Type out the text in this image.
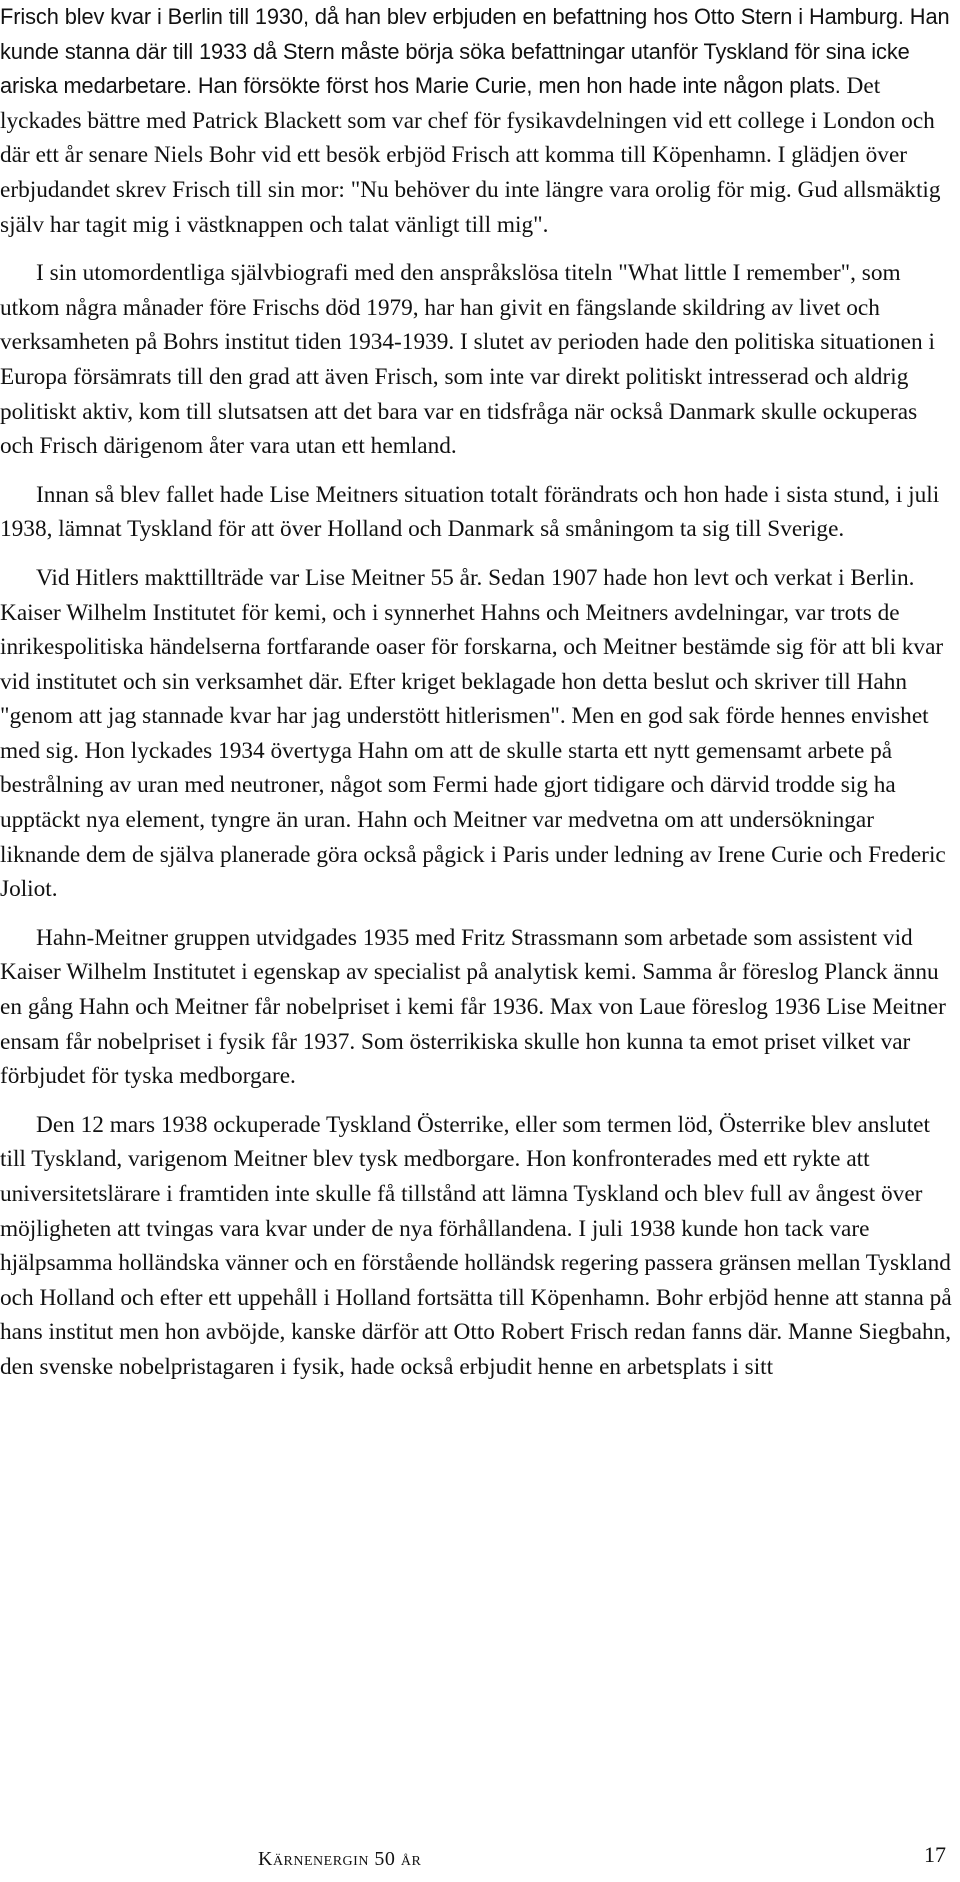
Frisch blev kvar i Berlin till 1930, då han blev erbjuden en befattning hos Otto Stern i Hamburg. Han kunde stanna där till 1933 då Stern måste börja söka befattningar utanför Tyskland för sina icke ariska medarbetare. Han försökte först hos Marie Curie, men hon hade inte någon plats. Det lyckades bättre med Patrick Blackett som var chef för fysikavdelningen vid ett college i London och där ett år senare Niels Bohr vid ett besök erbjöd Frisch att komma till Köpenhamn. I glädjen över erbjudandet skrev Frisch till sin mor: "Nu behöver du inte längre vara orolig för mig. Gud allsmäktig själv har tagit mig i västknappen och talat vänligt till mig".

I sin utomordentliga självbiografi med den anspråkslösa titeln "What little I remember", som utkom några månader före Frischs död 1979, har han givit en fängslande skildring av livet och verksamheten på Bohrs institut tiden 1934-1939. I slutet av perioden hade den politiska situationen i Europa försämrats till den grad att även Frisch, som inte var direkt politiskt intresserad och aldrig politiskt aktiv, kom till slutsatsen att det bara var en tidsfråga när också Danmark skulle ockuperas och Frisch därigenom åter vara utan ett hemland.

Innan så blev fallet hade Lise Meitners situation totalt förändrats och hon hade i sista stund, i juli 1938, lämnat Tyskland för att över Holland och Danmark så småningom ta sig till Sverige.

Vid Hitlers makttillträde var Lise Meitner 55 år. Sedan 1907 hade hon levt och verkat i Berlin. Kaiser Wilhelm Institutet för kemi, och i synnerhet Hahns och Meitners avdelningar, var trots de inrikespolitiska händelserna fortfarande oaser för forskarna, och Meitner bestämde sig för att bli kvar vid institutet och sin verksamhet där. Efter kriget beklagade hon detta beslut och skriver till Hahn "genom att jag stannade kvar har jag understött hitlerismen". Men en god sak förde hennes envishet med sig. Hon lyckades 1934 övertyga Hahn om att de skulle starta ett nytt gemensamt arbete på bestrålning av uran med neutroner, något som Fermi hade gjort tidigare och därvid trodde sig ha upptäckt nya element, tyngre än uran. Hahn och Meitner var medvetna om att undersökningar liknande dem de själva planerade göra också pågick i Paris under ledning av Irene Curie och Frederic Joliot.

Hahn-Meitner gruppen utvidgades 1935 med Fritz Strassmann som arbetade som assistent vid Kaiser Wilhelm Institutet i egenskap av specialist på analytisk kemi. Samma år föreslog Planck ännu en gång Hahn och Meitner får nobelpriset i kemi får 1936. Max von Laue föreslog 1936 Lise Meitner ensam får nobelpriset i fysik får 1937. Som österrikiska skulle hon kunna ta emot priset vilket var förbjudet för tyska medborgare.

Den 12 mars 1938 ockuperade Tyskland Österrike, eller som termen löd, Österrike blev anslutet till Tyskland, varigenom Meitner blev tysk medborgare. Hon konfronterades med ett rykte att universitetslärare i framtiden inte skulle få tillstånd att lämna Tyskland och blev full av ångest över möjligheten att tvingas vara kvar under de nya förhållandena. I juli 1938 kunde hon tack vare hjälpsamma holländska vänner och en förstående holländsk regering passera gränsen mellan Tyskland och Holland och efter ett uppehåll i Holland fortsätta till Köpenhamn. Bohr erbjöd henne att stanna på hans institut men hon avböjde, kanske därför att Otto Robert Frisch redan fanns där. Manne Siegbahn, den svenske nobelpristagaren i fysik, hade också erbjudit henne en arbetsplats i sitt

Kärnenergin 50 år	17
